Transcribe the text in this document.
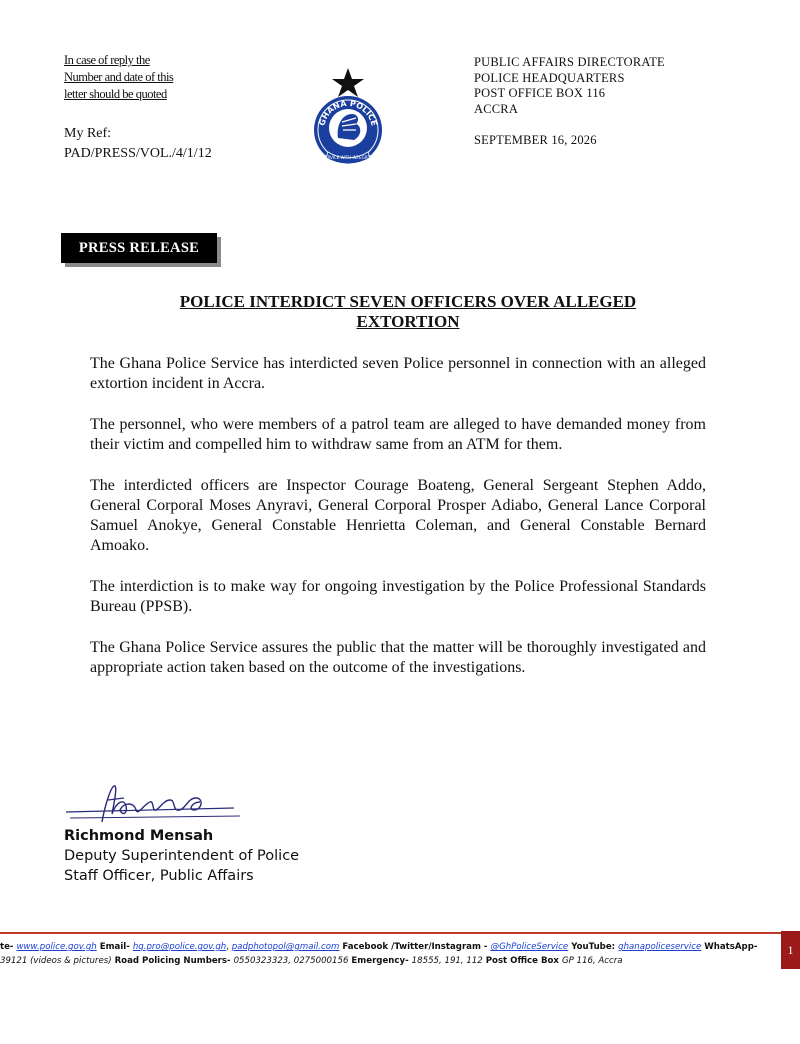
In case of reply the
Number and date of this
letter should be quoted
My Ref:
PAD/PRESS/VOL./4/1/12
GHANA POLICE
SERVICE WITH INTEGRITY
PUBLIC AFFAIRS DIRECTORATE
POLICE HEADQUARTERS
POST OFFICE BOX 116
ACCRA
SEPTEMBER 16, 2026
PRESS RELEASE
POLICE INTERDICT SEVEN OFFICERS OVER ALLEGED
EXTORTION

The Ghana Police Service has interdicted seven Police personnel in connection with an alleged extortion incident in Accra.

The personnel, who were members of a patrol team are alleged to have demanded money from their victim and compelled him to withdraw same from an ATM for them.

The interdicted officers are Inspector Courage Boateng, General Sergeant Stephen Addo, General Corporal Moses Anyravi, General Corporal Prosper Adiabo, General Lance Corporal Samuel Anokye, General Constable Henrietta Coleman, and General Constable Bernard Amoako.

The interdiction is to make way for ongoing investigation by the Police Professional Standards Bureau (PPSB).

The Ghana Police Service assures the public that the matter will be thoroughly investigated and appropriate action taken based on the outcome of the investigations.

Richmond Mensah
Deputy Superintendent of Police
Staff Officer, Public Affairs
1
te- www.police.gov.gh Email- hq.pro@police.gov.gh, padphotopol@gmail.com Facebook /Twitter/Instagram - @GhPoliceService YouTube: ghanapoliceservice WhatsApp-
39121 (videos & pictures) Road Policing Numbers- 0550323323, 0275000156 Emergency- 18555, 191, 112 Post Office Box GP 116, Accra
